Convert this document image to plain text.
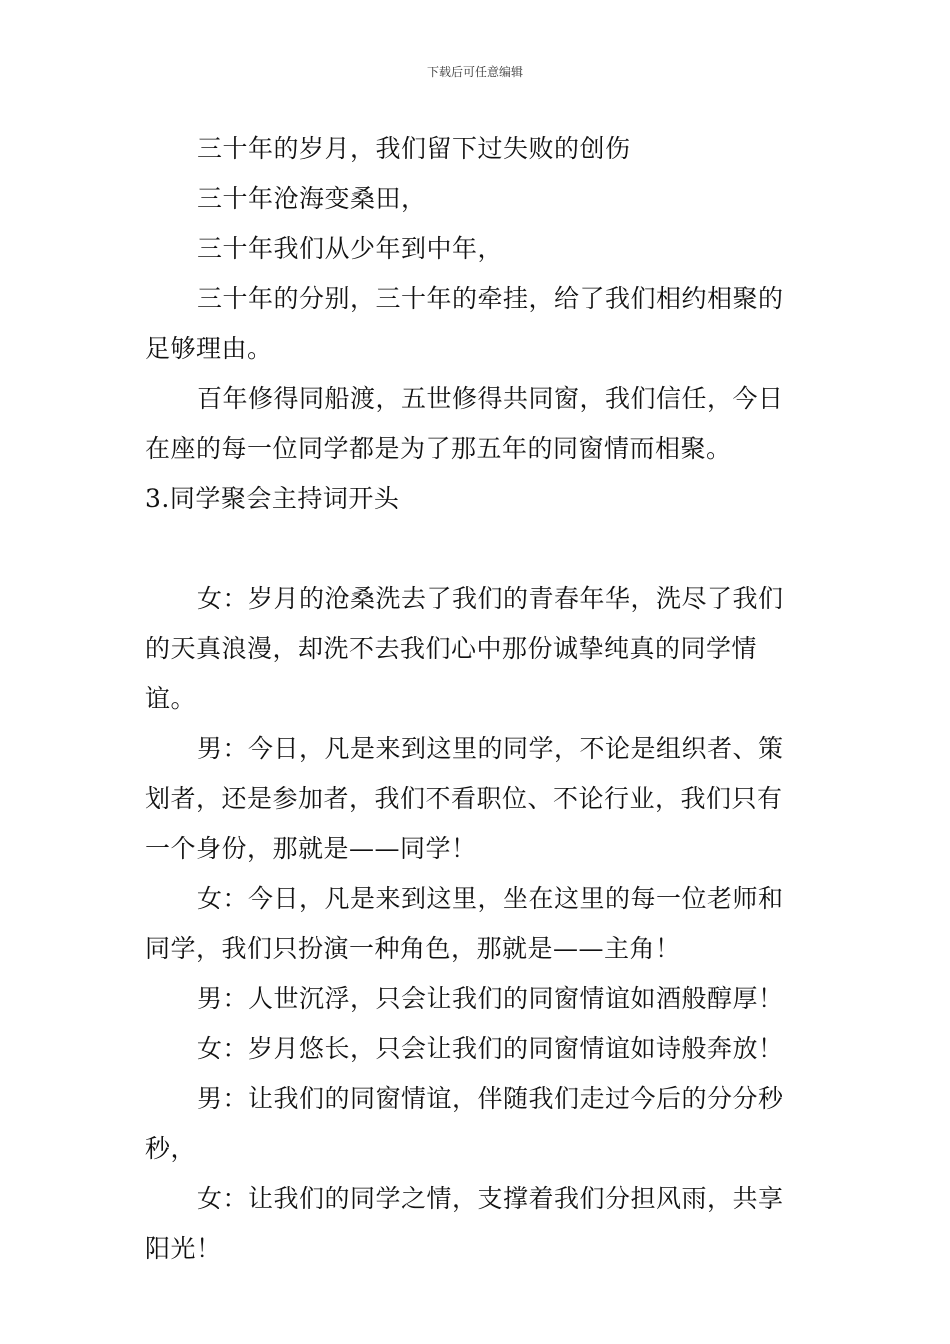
下载后可任意编辑

三十年的岁月，我们留下过失败的创伤

三十年沧海变桑田，

三十年我们从少年到中年，

三十年的分别，三十年的牵挂，给了我们相约相聚的足够理由。

百年修得同船渡，五世修得共同窗，我们信任，今日在座的每一位同学都是为了那五年的同窗情而相聚。

3.同学聚会主持词开头

女：岁月的沧桑洗去了我们的青春年华，洗尽了我们的天真浪漫，却洗不去我们心中那份诚挚纯真的同学情谊。

男：今日，凡是来到这里的同学，不论是组织者、策划者，还是参加者，我们不看职位、不论行业，我们只有一个身份，那就是——同学！

女：今日，凡是来到这里，坐在这里的每一位老师和同学，我们只扮演一种角色，那就是——主角！

男：人世沉浮，只会让我们的同窗情谊如酒般醇厚！

女：岁月悠长，只会让我们的同窗情谊如诗般奔放！

男：让我们的同窗情谊，伴随我们走过今后的分分秒秒，

女：让我们的同学之情，支撑着我们分担风雨，共享阳光！
